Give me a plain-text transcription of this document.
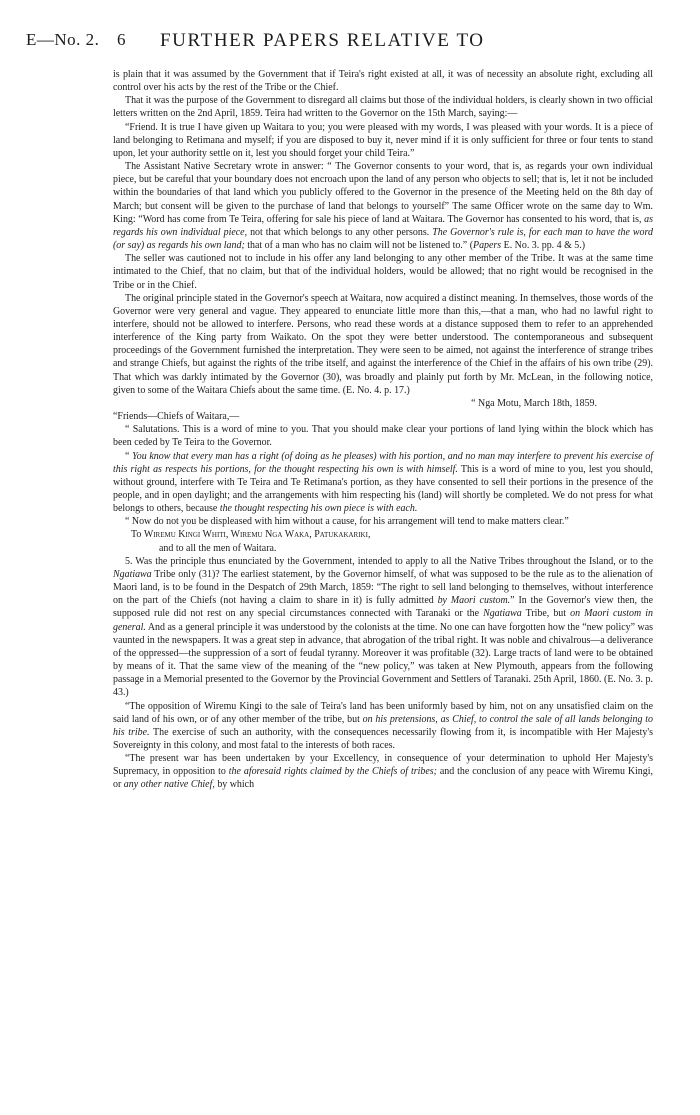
E—No. 2. 6 FURTHER PAPERS RELATIVE TO

is plain that it was assumed by the Government that if Teira's right existed at all, it was of necessity an absolute right, excluding all control over his acts by the rest of the Tribe or the Chief.

That it was the purpose of the Government to disregard all claims but those of the individual holders, is clearly shown in two official letters written on the 2nd April, 1859. Teira had written to the Governor on the 15th March, saying:—

“Friend. It is true I have given up Waitara to you; you were pleased with my words, I was pleased with your words. It is a piece of land belonging to Retimana and myself; if you are disposed to buy it, never mind if it is only sufficient for three or four tents to stand upon, let your authority settle on it, lest you should forget your child Teira.”

The Assistant Native Secretary wrote in answer: “ The Governor consents to your word, that is, as regards your own individual piece, but be careful that your boundary does not encroach upon the land of any person who objects to sell; that is, let it not be included within the boundaries of that land which you publicly offered to the Governor in the presence of the Meeting held on the 8th day of March; but consent will be given to the purchase of land that belongs to yourself” The same Officer wrote on the same day to Wm. King: “Word has come from Te Teira, offering for sale his piece of land at Waitara. The Governor has consented to his word, that is, as regards his own individual piece, not that which belongs to any other persons. The Governor's rule is, for each man to have the word (or say) as regards his own land; that of a man who has no claim will not be listened to.” (Papers E. No. 3. pp. 4 & 5.)

The seller was cautioned not to include in his offer any land belonging to any other member of the Tribe. It was at the same time intimated to the Chief, that no claim, but that of the individual holders, would be allowed; that no right would be recognised in the Tribe or in the Chief.

The original principle stated in the Governor's speech at Waitara, now acquired a distinct meaning. In themselves, those words of the Governor were very general and vague. They appeared to enunciate little more than this,—that a man, who had no lawful right to interfere, should not be allowed to interfere. Persons, who read these words at a distance supposed them to refer to an apprehended interference of the King party from Waikato. On the spot they were better understood. The contemporaneous and subsequent proceedings of the Government furnished the interpretation. They were seen to be aimed, not against the interference of strange tribes and strange Chiefs, but against the rights of the tribe itself, and against the interference of the Chief in the affairs of his own tribe (29). That which was darkly intimated by the Governor (30), was broadly and plainly put forth by Mr. McLean, in the following notice, given to some of the Waitara Chiefs about the same time. (E. No. 4. p. 17.)

“ Nga Motu, March 18th, 1859.

“Friends—Chiefs of Waitara,—

“ Salutations. This is a word of mine to you. That you should make clear your portions of land lying within the block which has been ceded by Te Teira to the Governor.

“ You know that every man has a right (of doing as he pleases) with his portion, and no man may interfere to prevent his exercise of this right as respects his portions, for the thought respecting his own is with himself. This is a word of mine to you, lest you should, without ground, interfere with Te Teira and Te Retimana's portion, as they have consented to sell their portions in the presence of the people, and in open daylight; and the arrangements with him respecting his (land) will shortly be completed. We do not press for what belongs to others, because the thought respecting his own piece is with each.

“ Now do not you be displeased with him without a cause, for his arrangement will tend to make matters clear.”

To Wiremu Kingi Whiti, Wiremu Nga Waka, Patukakariki,

and to all the men of Waitara.

5. Was the principle thus enunciated by the Government, intended to apply to all the Native Tribes throughout the Island, or to the Ngatiawa Tribe only (31)? The earliest statement, by the Governor himself, of what was supposed to be the rule as to the alienation of Maori land, is to be found in the Despatch of 29th March, 1859: “The right to sell land belonging to themselves, without interference on the part of the Chiefs (not having a claim to share in it) is fully admitted by Maori custom.” In the Governor's view then, the supposed rule did not rest on any special circumstances connected with Taranaki or the Ngatiawa Tribe, but on Maori custom in general. And as a general principle it was understood by the colonists at the time. No one can have forgotten how the “new policy” was vaunted in the newspapers. It was a great step in advance, that abrogation of the tribal right. It was noble and chivalrous—a deliverance of the oppressed—the suppression of a sort of feudal tyranny. Moreover it was profitable (32). Large tracts of land were to be obtained by means of it. That the same view of the meaning of the “new policy,” was taken at New Plymouth, appears from the following passage in a Memorial presented to the Governor by the Provincial Government and Settlers of Taranaki. 25th April, 1860. (E. No. 3. p. 43.)

“The opposition of Wiremu Kingi to the sale of Teira's land has been uniformly based by him, not on any unsatisfied claim on the said land of his own, or of any other member of the tribe, but on his pretensions, as Chief, to control the sale of all lands belonging to his tribe. The exercise of such an authority, with the consequences necessarily flowing from it, is incompatible with Her Majesty's Sovereignty in this colony, and most fatal to the interests of both races.

“The present war has been undertaken by your Excellency, in consequence of your determination to uphold Her Majesty's Supremacy, in opposition to the aforesaid rights claimed by the Chiefs of tribes; and the conclusion of any peace with Wiremu Kingi, or any other native Chief, by which
